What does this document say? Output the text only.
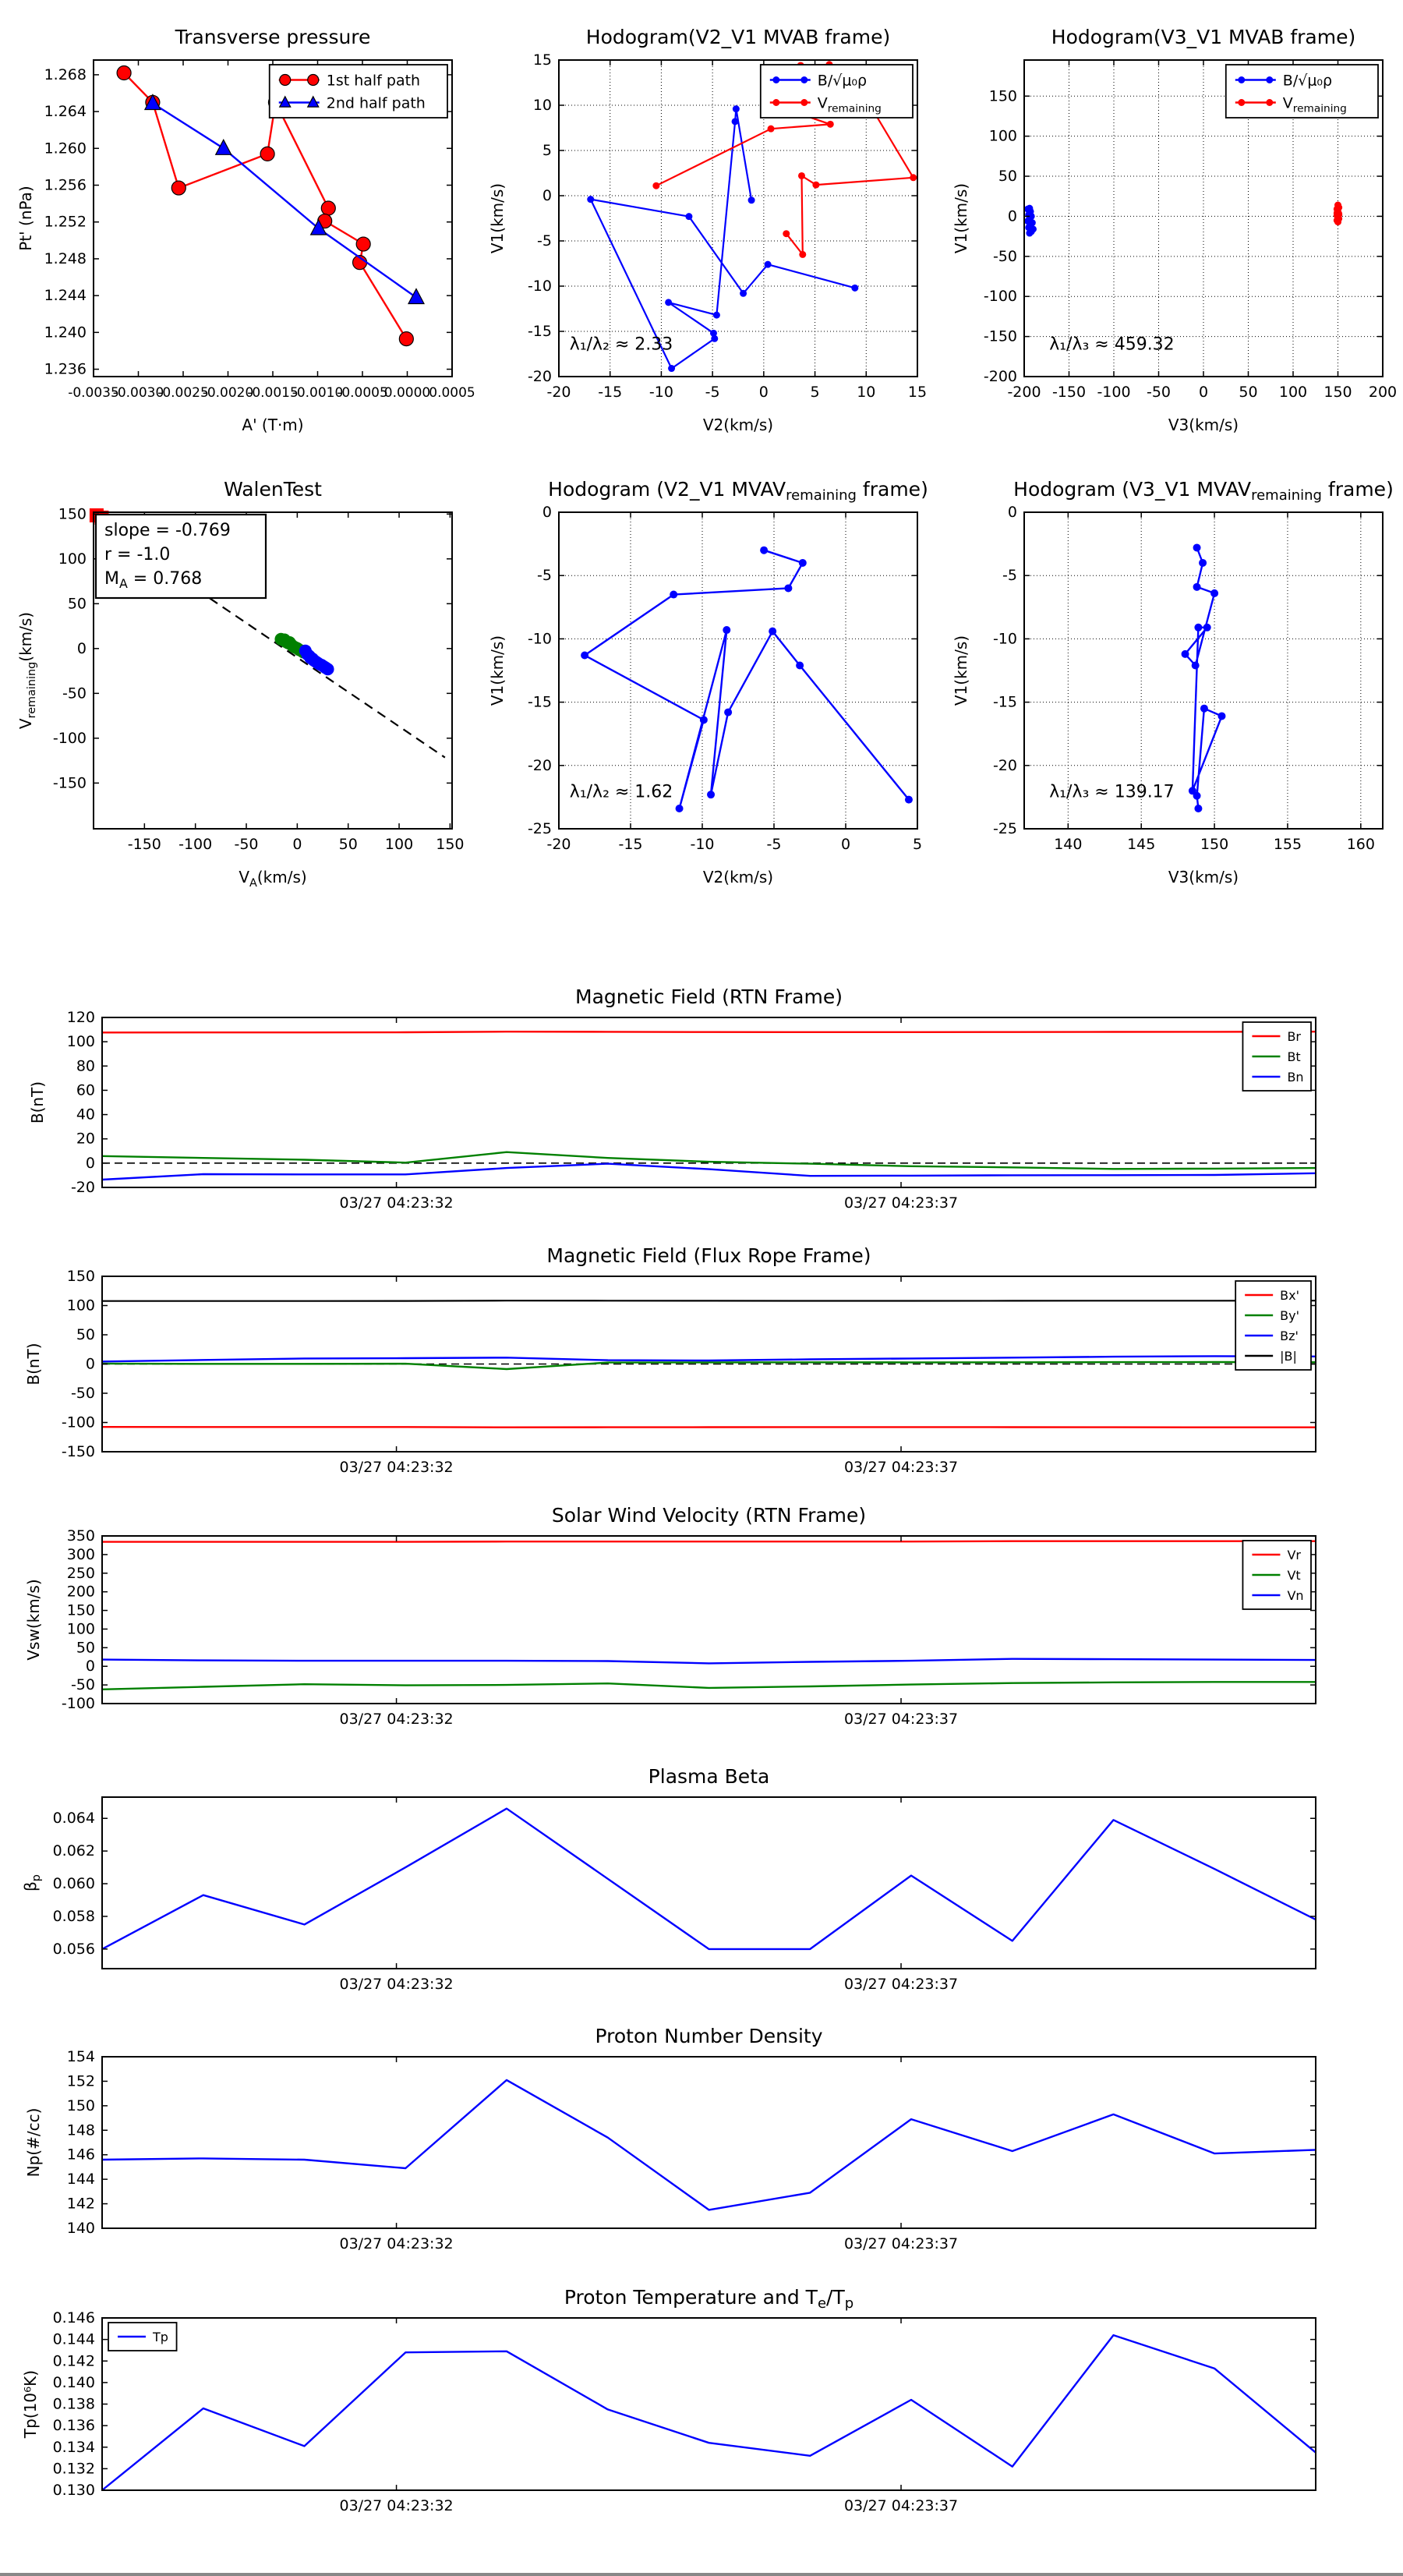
-0.0035
-0.0030
-0.0025
-0.0020
-0.0015
-0.0010
-0.0005
0.0000
0.0005
1.236
1.240
1.244
1.248
1.252
1.256
1.260
1.264
1.268
Transverse pressure
A' (T·m)
Pt' (nPa)
1st half path
2nd half path
-20 -15 -10 -5	0	5	10 15
-20
-15
-10
-5
0
5
10
15
Hodogram(V2_V1 MVAB frame)
V2(km/s)
V1(km/s)
λ₁/λ₂ ≈ 2.33
B/√μ₀ρ
$V_{remaining}$
-200 -150 -100 -50 0 50 100 150 200
-200
-150
-100
-50
0
50
100
150
Hodogram(V3_V1 MVAB frame)
V3(km/s)
V1(km/s)
λ₁/λ₃ ≈ 459.32
B/√μ₀ρ
$V_{remaining}$
-150 -100 -50 0 50 100 150
-150
-100
-50
0
50
100
150
WalenTest
$V_A(km/s)$
$V_{remaining}(km/s)$
slope = -0.769
r = -1.0
$M_A = 0.768$
-20	-15	-10	-5	0	5
-25
-20
-15
-10
-5
0
Hodogram (V2_V1 $MVAV_{remaining}$ frame)
V2(km/s)
V1(km/s)
λ₁/λ₂ ≈ 1.62
140	145	150	155	160
-25
-20
-15
-10
-5
0
Hodogram (V3_V1 $MVAV_{remaining}$ frame)
V3(km/s)
V1(km/s)
λ₁/λ₃ ≈ 139.17
03/27 04:23:32	03/27 04:23:37
-20
0
20
40
60
80
100
120
Magnetic Field (RTN Frame)
B(nT)
Br
Bt
Bn
03/27 04:23:32	03/27 04:23:37
-150
-100
-50
0
50
100
150
Magnetic Field (Flux Rope Frame)
B(nT)
Bx'
By'
Bz'
|B|
03/27 04:23:32	03/27 04:23:37
-100
-50
0
50
100
150
200
250
300
350
Solar Wind Velocity (RTN Frame)
Vsw(km/s)
Vr
Vt
Vn
03/27 04:23:32	03/27 04:23:37
0.056
0.058
0.060
0.062
0.064
Plasma Beta
$\beta_p$
03/27 04:23:32	03/27 04:23:37
140
142
144
146
148
150
152
154
Proton Number Density
Np(#/cc)
03/27 04:23:32	03/27 04:23:37
0.130
0.132
0.134
0.136
0.138
0.140
0.142
0.144
0.146
Proton Temperature and $T_e/T_p$
Tp(10⁶K)
Tp
